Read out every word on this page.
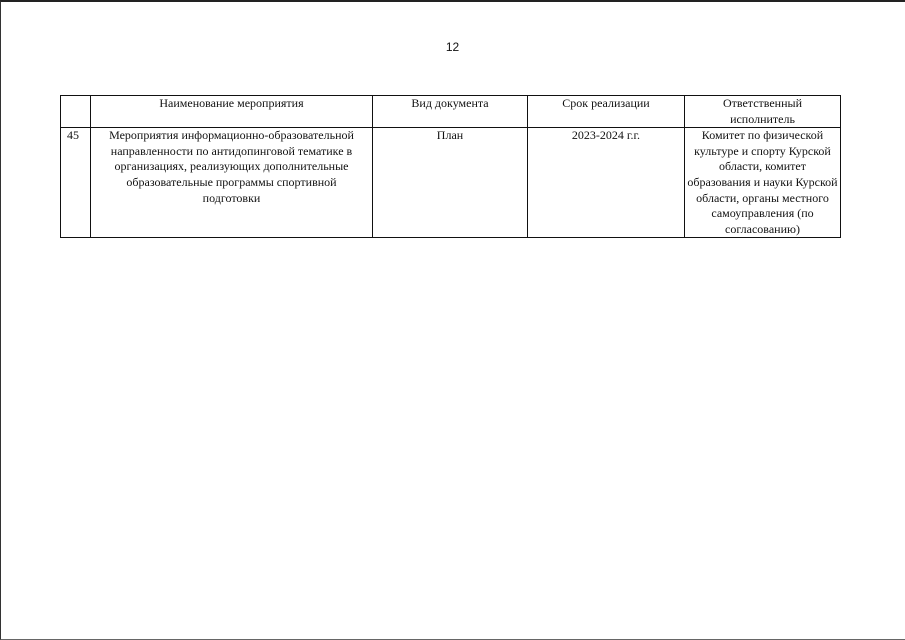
12
	Наименование мероприятия	Вид документа	Срок реализации	Ответственный исполнитель
45	Мероприятия информационно-образовательной направленности по антидопинговой тематике в организациях, реализующих дополнительные образовательные программы спортивной подготовки	План	2023-2024 г.г.	Комитет по физической культуре и спорту Курской области, комитет образования и науки Курской области, органы местного самоуправления (по согласованию)
